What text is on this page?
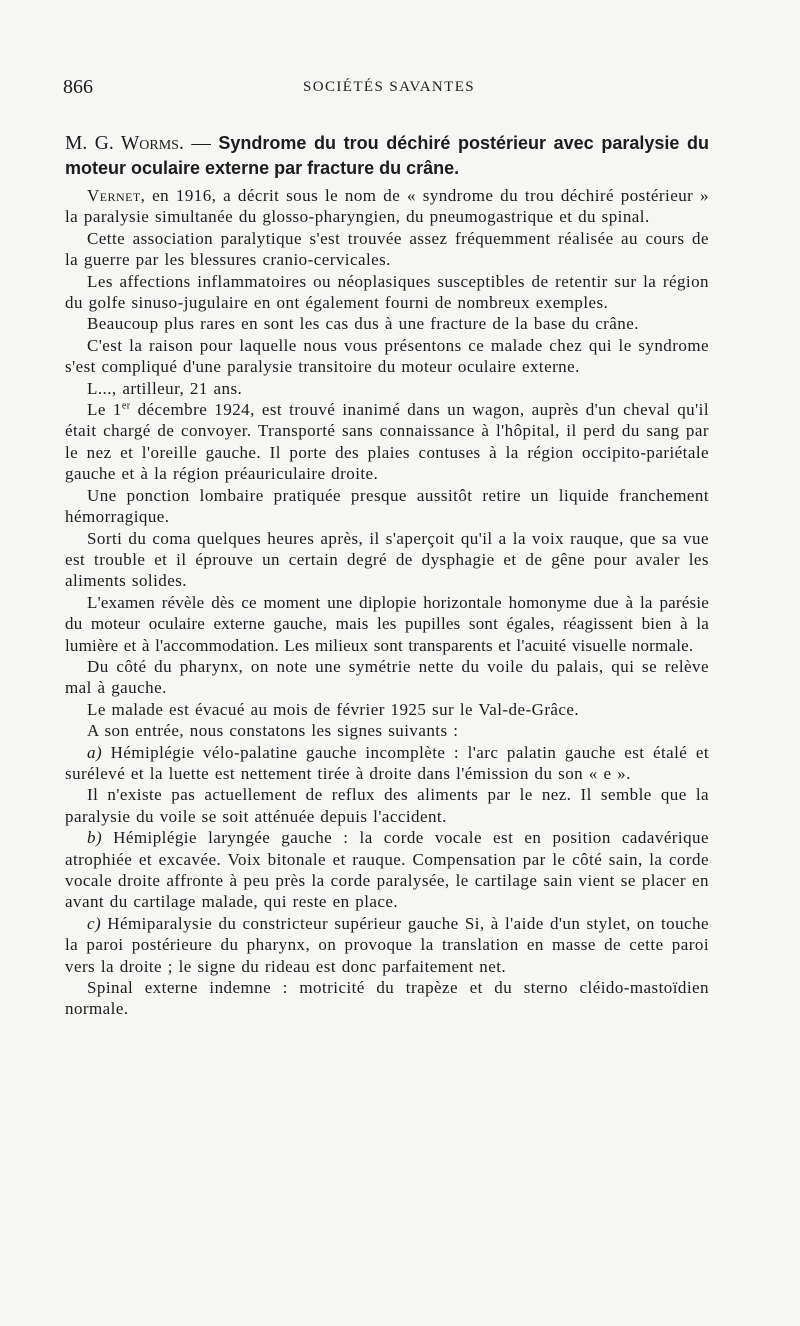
866	SOCIÉTÉS SAVANTES
M. G. Worms. — Syndrome du trou déchiré postérieur avec paralysie du moteur oculaire externe par fracture du crâne.

Vernet, en 1916, a décrit sous le nom de « syndrome du trou déchiré postérieur » la paralysie simultanée du glosso-pharyngien, du pneumogastrique et du spinal.

Cette association paralytique s'est trouvée assez fréquemment réalisée au cours de la guerre par les blessures cranio-cervicales.

Les affections inflammatoires ou néoplasiques susceptibles de retentir sur la région du golfe sinuso-jugulaire en ont également fourni de nombreux exemples.

Beaucoup plus rares en sont les cas dus à une fracture de la base du crâne.

C'est la raison pour laquelle nous vous présentons ce malade chez qui le syndrome s'est compliqué d'une paralysie transitoire du moteur oculaire externe.

L..., artilleur, 21 ans.

Le 1er décembre 1924, est trouvé inanimé dans un wagon, auprès d'un cheval qu'il était chargé de convoyer. Transporté sans connaissance à l'hôpital, il perd du sang par le nez et l'oreille gauche. Il porte des plaies contuses à la région occipito-pariétale gauche et à la région préauriculaire droite.

Une ponction lombaire pratiquée presque aussitôt retire un liquide franchement hémorragique.

Sorti du coma quelques heures après, il s'aperçoit qu'il a la voix rauque, que sa vue est trouble et il éprouve un certain degré de dysphagie et de gêne pour avaler les aliments solides.

L'examen révèle dès ce moment une diplopie horizontale homonyme due à la parésie du moteur oculaire externe gauche, mais les pupilles sont égales, réagissent bien à la lumière et à l'accommodation. Les milieux sont transparents et l'acuité visuelle normale.

Du côté du pharynx, on note une symétrie nette du voile du palais, qui se relève mal à gauche.

Le malade est évacué au mois de février 1925 sur le Val-de-Grâce.

A son entrée, nous constatons les signes suivants :

a) Hémiplégie vélo-palatine gauche incomplète : l'arc palatin gauche est étalé et surélevé et la luette est nettement tirée à droite dans l'émission du son « e ».

Il n'existe pas actuellement de reflux des aliments par le nez. Il semble que la paralysie du voile se soit atténuée depuis l'accident.

b) Hémiplégie laryngée gauche : la corde vocale est en position cadavérique atrophiée et excavée. Voix bitonale et rauque. Compensation par le côté sain, la corde vocale droite affronte à peu près la corde paralysée, le cartilage sain vient se placer en avant du cartilage malade, qui reste en place.

c) Hémiparalysie du constricteur supérieur gauche Si, à l'aide d'un stylet, on touche la paroi postérieure du pharynx, on provoque la translation en masse de cette paroi vers la droite ; le signe du rideau est donc parfaitement net.

Spinal externe indemne : motricité du trapèze et du sterno cléido-mastoïdien normale.
